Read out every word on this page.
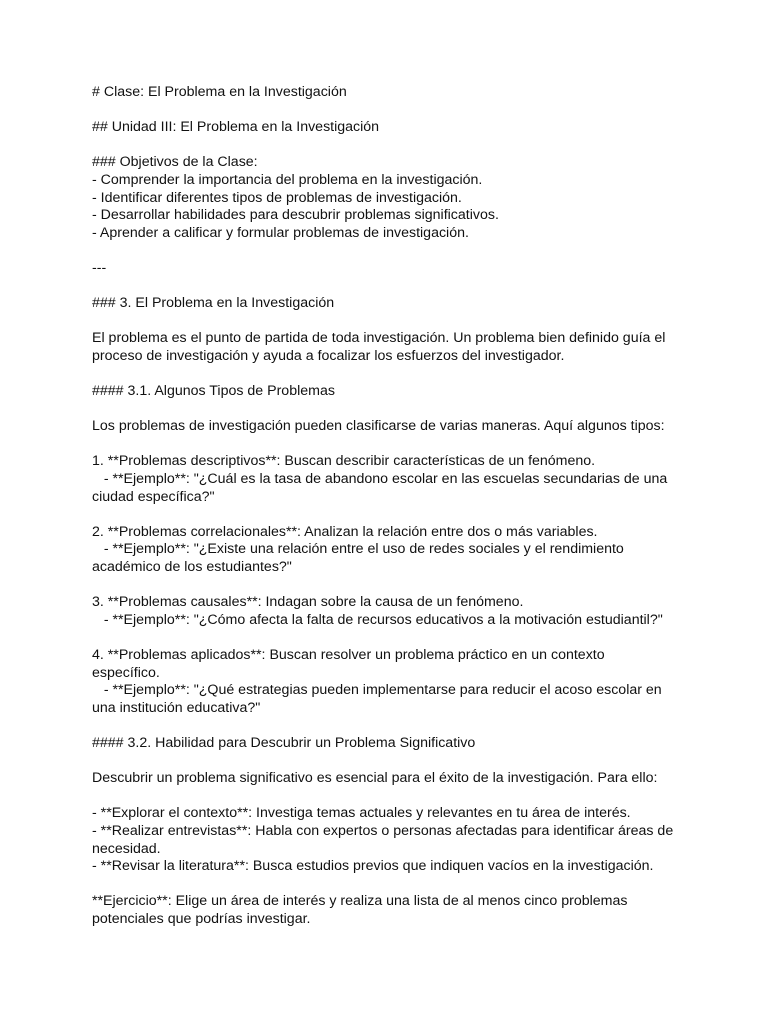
# Clase: El Problema en la Investigación

## Unidad III: El Problema en la Investigación

### Objetivos de la Clase:

- Comprender la importancia del problema en la investigación.

- Identificar diferentes tipos de problemas de investigación.

- Desarrollar habilidades para descubrir problemas significativos.

- Aprender a calificar y formular problemas de investigación.

---

### 3. El Problema en la Investigación

El problema es el punto de partida de toda investigación. Un problema bien definido guía el

proceso de investigación y ayuda a focalizar los esfuerzos del investigador.

#### 3.1. Algunos Tipos de Problemas

Los problemas de investigación pueden clasificarse de varias maneras. Aquí algunos tipos:

1. **Problemas descriptivos**: Buscan describir características de un fenómeno.

- **Ejemplo**: "¿Cuál es la tasa de abandono escolar en las escuelas secundarias de una

ciudad específica?"

2. **Problemas correlacionales**: Analizan la relación entre dos o más variables.

- **Ejemplo**: "¿Existe una relación entre el uso de redes sociales y el rendimiento

académico de los estudiantes?"

3. **Problemas causales**: Indagan sobre la causa de un fenómeno.

- **Ejemplo**: "¿Cómo afecta la falta de recursos educativos a la motivación estudiantil?"

4. **Problemas aplicados**: Buscan resolver un problema práctico en un contexto

específico.

- **Ejemplo**: "¿Qué estrategias pueden implementarse para reducir el acoso escolar en

una institución educativa?"

#### 3.2. Habilidad para Descubrir un Problema Significativo

Descubrir un problema significativo es esencial para el éxito de la investigación. Para ello:

- **Explorar el contexto**: Investiga temas actuales y relevantes en tu área de interés.

- **Realizar entrevistas**: Habla con expertos o personas afectadas para identificar áreas de

necesidad.

- **Revisar la literatura**: Busca estudios previos que indiquen vacíos en la investigación.

**Ejercicio**: Elige un área de interés y realiza una lista de al menos cinco problemas

potenciales que podrías investigar.
